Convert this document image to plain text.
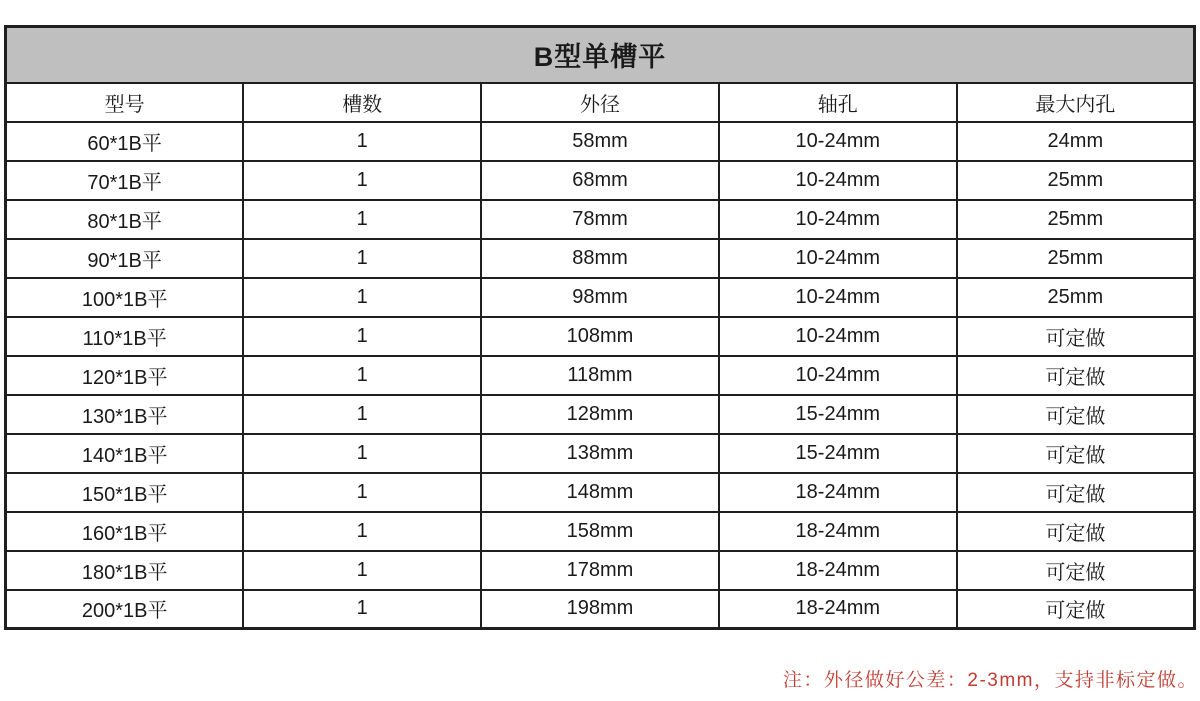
B型单槽平				
型号	槽数	外径	轴孔	最大内孔
60*1B平	1	58mm	10-24mm	24mm
70*1B平	1	68mm	10-24mm	25mm
80*1B平	1	78mm	10-24mm	25mm
90*1B平	1	88mm	10-24mm	25mm
100*1B平	1	98mm	10-24mm	25mm
110*1B平	1	108mm	10-24mm	可定做
120*1B平	1	118mm	10-24mm	可定做
130*1B平	1	128mm	15-24mm	可定做
140*1B平	1	138mm	15-24mm	可定做
150*1B平	1	148mm	18-24mm	可定做
160*1B平	1	158mm	18-24mm	可定做
180*1B平	1	178mm	18-24mm	可定做
200*1B平	1	198mm	18-24mm	可定做
注：外径做好公差：2-3mm，支持非标定做。
